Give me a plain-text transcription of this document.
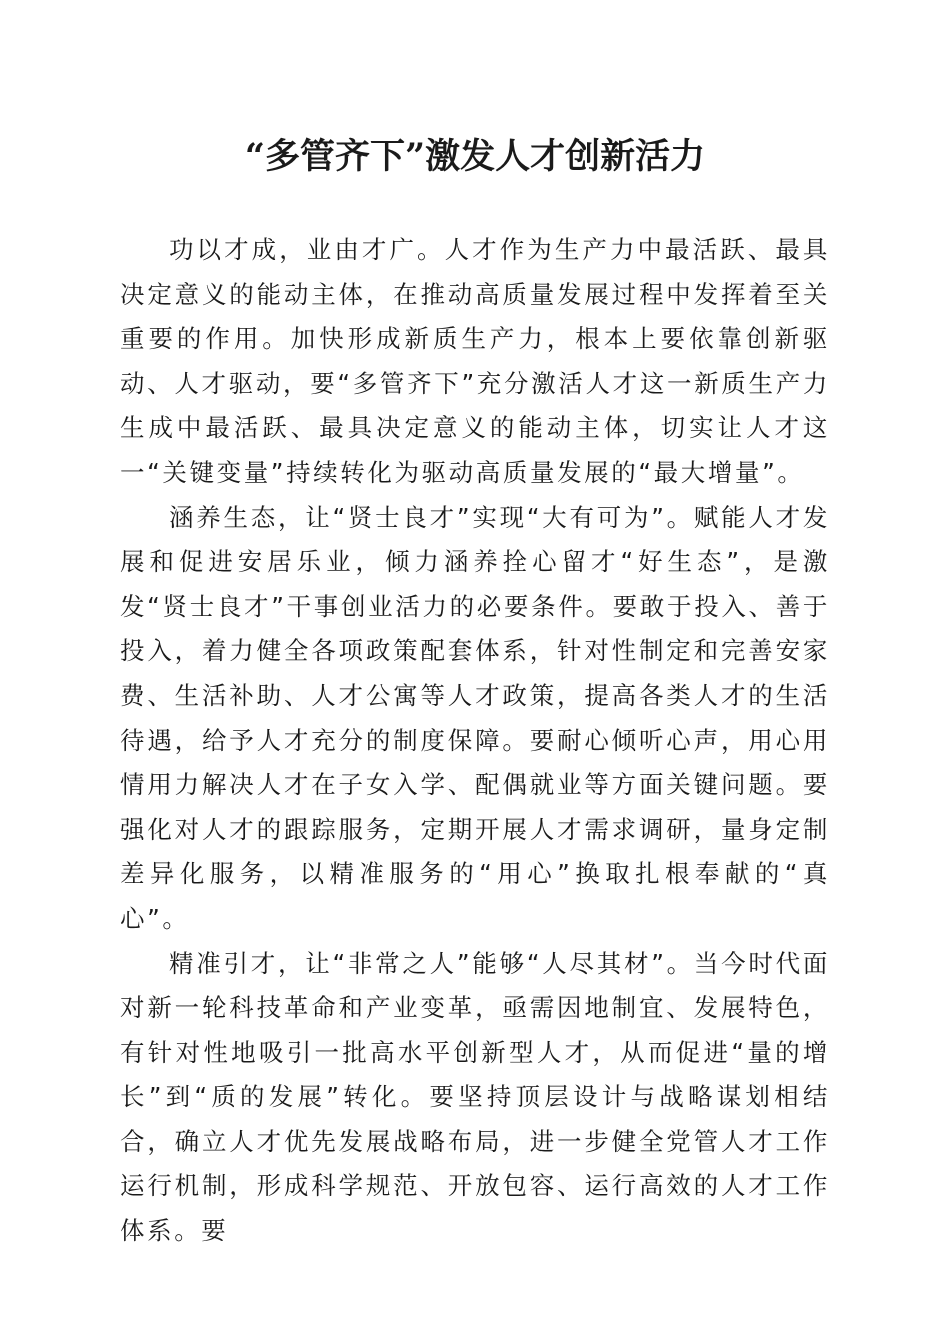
“多管齐下”激发人才创新活力

功以才成，业由才广。人才作为生产力中最活跃、最具决定意义的能动主体，在推动高质量发展过程中发挥着至关重要的作用。加快形成新质生产力，根本上要依靠创新驱动、人才驱动，要“多管齐下”充分激活人才这一新质生产力生成中最活跃、最具决定意义的能动主体，切实让人才这一“关键变量”持续转化为驱动高质量发展的“最大增量”。

涵养生态，让“贤士良才”实现“大有可为”。赋能人才发展和促进安居乐业，倾力涵养拴心留才“好生态”，是激发“贤士良才”干事创业活力的必要条件。要敢于投入、善于投入，着力健全各项政策配套体系，针对性制定和完善安家费、生活补助、人才公寓等人才政策，提高各类人才的生活待遇，给予人才充分的制度保障。要耐心倾听心声，用心用情用力解决人才在子女入学、配偶就业等方面关键问题。要强化对人才的跟踪服务，定期开展人才需求调研，量身定制差异化服务，以精准服务的“用心”换取扎根奉献的“真心”。

精准引才，让“非常之人”能够“人尽其材”。当今时代面对新一轮科技革命和产业变革，亟需因地制宜、发展特色，有针对性地吸引一批高水平创新型人才，从而促进“量的增长”到“质的发展”转化。要坚持顶层设计与战略谋划相结合，确立人才优先发展战略布局，进一步健全党管人才工作运行机制，形成科学规范、开放包容、运行高效的人才工作体系。要
